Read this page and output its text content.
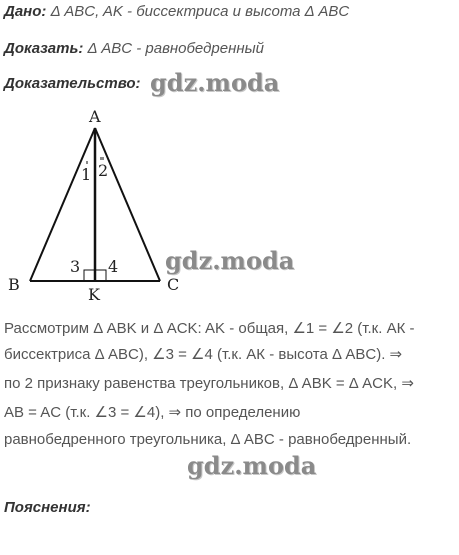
Дано: Δ ABC, AK - биссектриса и высота Δ ABC
Доказать: Δ ABC - равнобедренный
Доказательство: gdz.moda
A
B	C
K
1 2
3 4 gdz.moda
Рассмотрим Δ ABK и Δ ACK: AK - общая, ∠1 = ∠2 (т.к. АК -
биссектриса Δ ABC), ∠3 = ∠4 (т.к. АК - высота Δ ABC). ⇒
по 2 признаку равенства треугольников, Δ ABK = Δ ACK, ⇒
AB = AC (т.к. ∠3 = ∠4), ⇒ по определению
равнобедренного треугольника, Δ ABC - равнобедренный.
gdz.moda
Пояснения:
